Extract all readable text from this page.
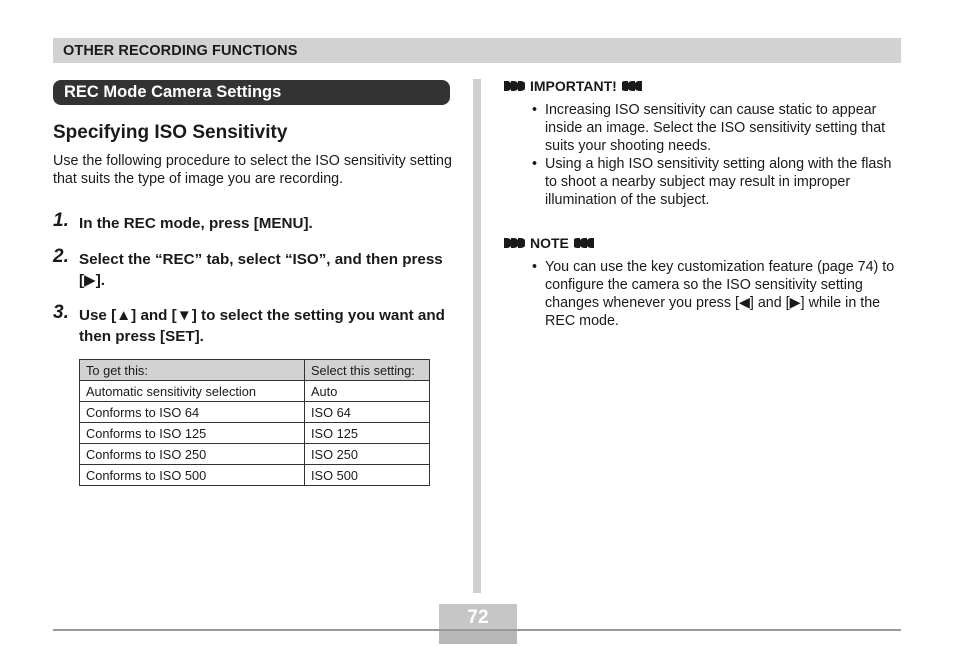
OTHER RECORDING FUNCTIONS
REC Mode Camera Settings
Specifying ISO Sensitivity

Use the following procedure to select the ISO sensitivity setting that suits the type of image you are recording.

1. In the REC mode, press [MENU].
2. Select the “REC” tab, select “ISO”, and then press [▶].
3. Use [▲] and [▼] to select the setting you want and then press [SET].
To get this:	Select this setting:
Automatic sensitivity selection	Auto
Conforms to ISO 64	ISO 64
Conforms to ISO 125	ISO 125
Conforms to ISO 250	ISO 250
Conforms to ISO 500	ISO 500
IMPORTANT!
• Increasing ISO sensitivity can cause static to appear inside an image. Select the ISO sensitivity setting that suits your shooting needs.
• Using a high ISO sensitivity setting along with the flash to shoot a nearby subject may result in improper illumination of the subject.
NOTE
• You can use the key customization feature (page 74) to configure the camera so the ISO sensitivity setting changes whenever you press [◀] and [▶] while in the REC mode.
72
